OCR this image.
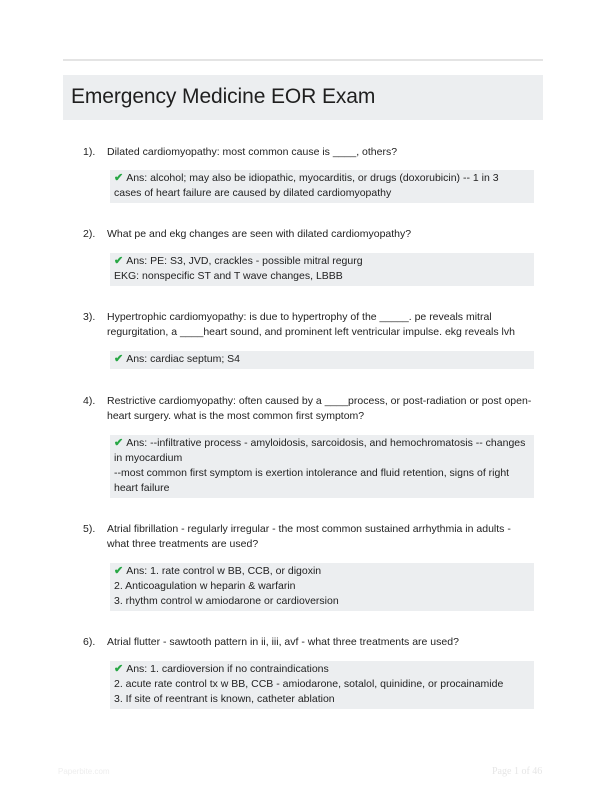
Emergency Medicine EOR Exam
1). Dilated cardiomyopathy: most common cause is ____, others?
✔ Ans: alcohol; may also be idiopathic, myocarditis, or drugs (doxorubicin) -- 1 in 3
cases of heart failure are caused by dilated cardiomyopathy
2). What pe and ekg changes are seen with dilated cardiomyopathy?
✔ Ans: PE: S3, JVD, crackles - possible mitral regurg
EKG: nonspecific ST and T wave changes, LBBB
3). Hypertrophic cardiomyopathy: is due to hypertrophy of the _____. pe reveals mitral
regurgitation, a ____heart sound, and prominent left ventricular impulse. ekg reveals lvh
✔ Ans: cardiac septum; S4
4). Restrictive cardiomyopathy: often caused by a ____process, or post-radiation or post open-
heart surgery. what is the most common first symptom?
✔ Ans: --infiltrative process - amyloidosis, sarcoidosis, and hemochromatosis -- changes
in myocardium
--most common first symptom is exertion intolerance and fluid retention, signs of right
heart failure
5). Atrial fibrillation - regularly irregular - the most common sustained arrhythmia in adults -
what three treatments are used?
✔ Ans: 1. rate control w BB, CCB, or digoxin
2. Anticoagulation w heparin & warfarin
3. rhythm control w amiodarone or cardioversion
6). Atrial flutter - sawtooth pattern in ii, iii, avf - what three treatments are used?
✔ Ans: 1. cardioversion if no contraindications
2. acute rate control tx w BB, CCB - amiodarone, sotalol, quinidine, or procainamide
3. If site of reentrant is known, catheter ablation
Paperbite.com	Page 1 of 46
